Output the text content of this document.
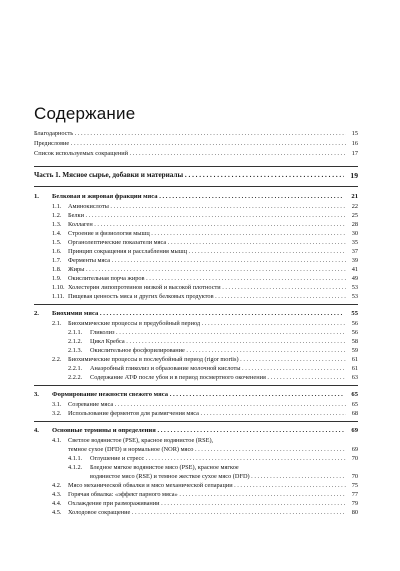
Содержание
Благодарность . . .	15
Предисловие . . .	16
Список используемых сокращений . . .	17
Часть 1. Мясное сырье, добавки и материалы . . .	19
1. Белковая и жировая фракции мяса . . .	21
1.1. Аминокислоты . . .	22
1.2. Белки . . .	25
1.3. Коллаген . . .	28
1.4. Строение и физиология мышц . . .	30
1.5. Органолептические показатели мяса . . .	35
1.6. Принцип сокращения и расслабления мышц . . .	37
1.7. Ферменты мяса . . .	39
1.8. Жиры . . .	41
1.9. Окислительная порча жиров . . .	49
1.10. Холестерин липопротеинов низкой и высокой плотности . . .	53
1.11. Пищевая ценность мяса и других белковых продуктов . . .	53
2. Биохимия мяса . . .	55
2.1. Биохимические процессы в предубойный период . . .	56
2.1.1. Гликолиз . . .	56
2.1.2. Цикл Кребса . . .	58
2.1.3. Окислительное фосфорилирование . . .	59
2.2. Биохимические процессы в послеубойный период (rigor mortis) . . .	61
2.2.1. Анаэробный гликолиз и образование молочной кислоты . . .	61
2.2.2. Содержание АТФ после убоя и в период посмертного окоченения . . .	63
3. Формирование нежности свежего мяса . . .	65
3.1. Созревание мяса . . .	65
3.2. Использование ферментов для размягчения мяса . . .	68
4. Основные термины и определения . . .	69
4.1. Светлое водянистое (PSE), красное водянистое (RSE),
темное сухое (DFD) и нормальное (NOR) мясо . . .	69
4.1.1. Оглушение и стресс . . .	70
4.1.2. Бледное мягкое водянистое мясо (PSE), красное мягкое
водянистое мясо (RSE) и темное жесткое сухое мясо (DFD) . . .	70
4.2. Мясо механической обвалки и мясо механической сепарации . . .	75
4.3. Горячая обвалка: «эффект парного мяса» . . .	77
4.4. Охлаждение при размораживании . . .	79
4.5. Холодовое сокращение . . .	80
